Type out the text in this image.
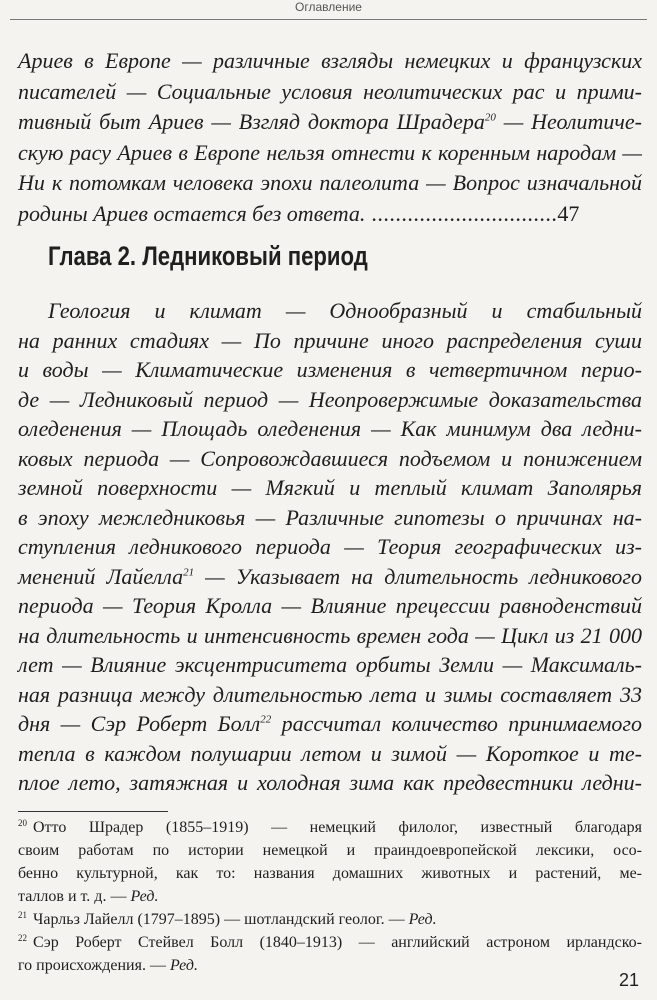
Оглавление
Ариев в Европе — различные взгляды немецких и французских
писателей — Социальные условия неолитических рас и прими-
тивный быт Ариев — Взгляд доктора Шрадера$^{20}$ — Неолитиче-
скую расу Ариев в Европе нельзя отнести к коренным народам —
Ни к потомкам человека эпохи палеолита — Вопрос изначальной
родины Ариев остается без ответа. ...............................47
Глава 2. Ледниковый период
Геология и климат — Однообразный и стабильный
на ранних стадиях — По причине иного распределения суши
и воды — Климатические изменения в четвертичном перио-
де — Ледниковый период — Неопровержимые доказательства
оледенения — Площадь оледенения — Как минимум два ледни-
ковых периода — Сопровождавшиеся подъемом и понижением
земной поверхности — Мягкий и теплый климат Заполярья
в эпоху межледниковья — Различные гипотезы о причинах на-
ступления ледникового периода — Теория географических из-
менений Лайелла$^{21}$ — Указывает на длительность ледникового
периода — Теория Кролла — Влияние прецессии равноденствий
на длительность и интенсивность времен года — Цикл из 21 000
лет — Влияние эксцентриситета орбиты Земли — Максималь-
ная разница между длительностью лета и зимы составляет 33
дня — Сэр Роберт Болл$^{22}$ рассчитал количество принимаемого
тепла в каждом полушарии летом и зимой — Короткое и те-
плое лето, затяжная и холодная зима как предвестники ледни-
$^{20}$ Отто Шрадер (1855–1919) — немецкий филолог, известный благодаря
своим работам по истории немецкой и праиндоевропейской лексики, осо-
бенно культурной, как то: названия домашних животных и растений, ме-
таллов и т. д. — Ред.
$^{21}$ Чарльз Лайелл (1797–1895) — шотландский геолог. — Ред.
$^{22}$ Сэр Роберт Стейвел Болл (1840–1913) — английский астроном ирландско-
го происхождения. — Ред.
21
